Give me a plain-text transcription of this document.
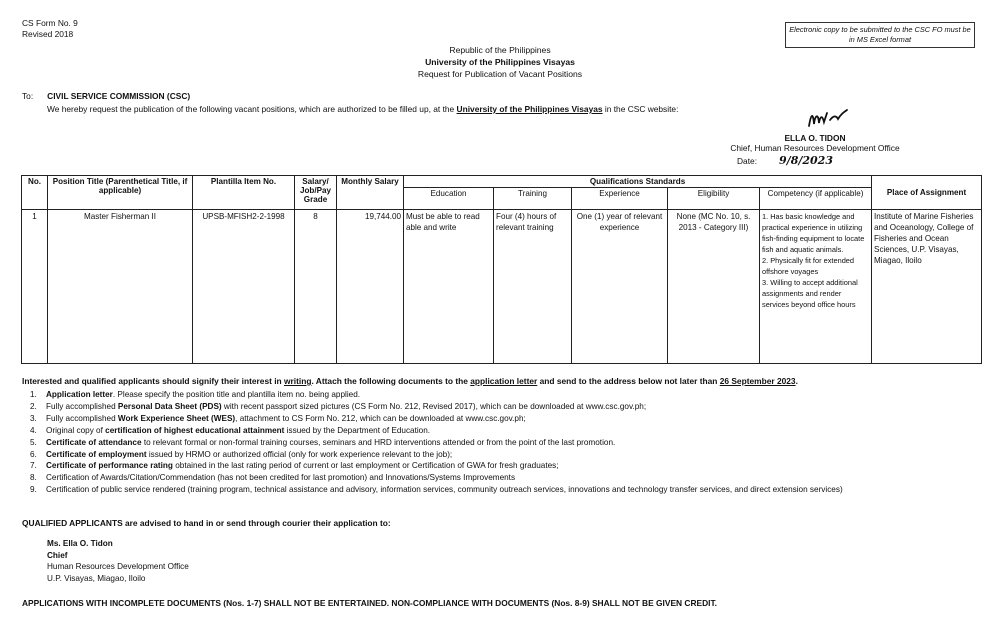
CS Form No. 9
Revised 2018	Electronic copy to be submitted to the CSC FO must be in MS Excel format
Republic of the Philippines
University of the Philippines Visayas
Request for Publication of Vacant Positions
To: CIVIL SERVICE COMMISSION (CSC)
We hereby request the publication of the following vacant positions, which are authorized to be filled up, at the University of the Philippines Visayas in the CSC website:
ELLA O. TIDON
Chief, Human Resources Development Office
Date: 9/8/2023
No.	Position Title (Parenthetical Title, if applicable)	Plantilla Item No.	Salary/ Job/Pay Grade	Monthly Salary	Qualifications Standards					Place of Assignment
					Education	Training	Experience	Eligibility	Competency (if applicable)	
1	Master Fisherman II	UPSB-MFISH2-2-1998	8	19,744.00	Must be able to read able and write	Four (4) hours of relevant training	One (1) year of relevant experience	None (MC No. 10, s. 2013 - Category III)	1. Has basic knowledge and practical experience in utilizing fish-finding equipment to locate fish and aquatic animals.
2. Physically fit for extended offshore voyages
3. Willing to accept additional assignments and render services beyond office hours	Institute of Marine Fisheries and Oceanology, College of Fisheries and Ocean Sciences, U.P. Visayas, Miagao, Iloilo
Interested and qualified applicants should signify their interest in writing. Attach the following documents to the application letter and send to the address below not later than 26 September 2023.
1. Application letter. Please specify the position title and plantilla item no. being applied.
2. Fully accomplished Personal Data Sheet (PDS) with recent passport sized pictures (CS Form No. 212, Revised 2017), which can be downloaded at www.csc.gov.ph;
3. Fully accomplished Work Experience Sheet (WES), attachment to CS Form No. 212, which can be downloaded at www.csc.gov.ph;
4. Original copy of certification of highest educational attainment issued by the Department of Education.
5. Certificate of attendance to relevant formal or non-formal training courses, seminars and HRD interventions attended or from the point of the last promotion.
6. Certificate of employment issued by HRMO or authorized official (only for work experience relevant to the job);
7. Certificate of performance rating obtained in the last rating period of current or last employment or Certification of GWA for fresh graduates;
8. Certification of Awards/Citation/Commendation (has not been credited for last promotion) and Innovations/Systems Improvements
9. Certification of public service rendered (training program, technical assistance and advisory, information services, community outreach services, innovations and technology transfer services, and direct extension services)
QUALIFIED APPLICANTS are advised to hand in or send through courier their application to:
Ms. Ella O. Tidon
Chief
Human Resources Development Office
U.P. Visayas, Miagao, Iloilo
APPLICATIONS WITH INCOMPLETE DOCUMENTS (Nos. 1-7) SHALL NOT BE ENTERTAINED. NON-COMPLIANCE WITH DOCUMENTS (Nos. 8-9) SHALL NOT BE GIVEN CREDIT.
